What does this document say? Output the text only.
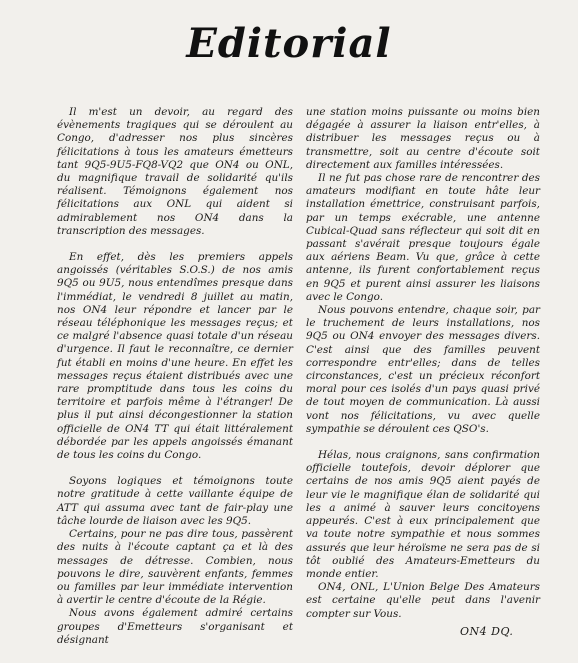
Editorial

Il m'est un devoir, au regard des évènements tragiques qui se déroulent au Congo, d'adresser nos plus sincères félicitations à tous les amateurs émetteurs tant 9Q5-9U5-FQ8-VQ2 que ON4 ou ONL, du magnifique travail de solidarité qu'ils réalisent. Témoignons également nos félicitations aux ONL qui aident si admirablement nos ON4 dans la transcription des messages.

En effet, dès les premiers appels angoissés (véritables S.O.S.) de nos amis 9Q5 ou 9U5, nous entendîmes presque dans l'immédiat, le vendredi 8 juillet au matin, nos ON4 leur répondre et lancer par le réseau téléphonique les messages reçus; et ce malgré l'absence quasi totale d'un réseau d'urgence. Il faut le reconnaître, ce dernier fut établi en moins d'une heure. En effet les messages reçus étaient distribués avec une rare promptitude dans tous les coins du territoire et parfois même à l'étranger! De plus il put ainsi décongestionner la station officielle de ON4 TT qui était littéralement débordée par les appels angoissés émanant de tous les coins du Congo.

Soyons logiques et témoignons toute notre gratitude à cette vaillante équipe de ATT qui assuma avec tant de fair-play une tâche lourde de liaison avec les 9Q5.

Certains, pour ne pas dire tous, passèrent des nuits à l'écoute captant ça et là des messages de détresse. Combien, nous pouvons le dire, sauvèrent enfants, femmes ou familles par leur immédiate intervention à avertir le centre d'écoute de la Régie.

Nous avons également admiré certains groupes d'Emetteurs s'organisant et désignant

une station moins puissante ou moins bien dégagée à assurer la liaison entr'elles, à distribuer les messages reçus ou à transmettre, soit au centre d'écoute soit directement aux familles intéressées.

Il ne fut pas chose rare de rencontrer des amateurs modifiant en toute hâte leur installation émettrice, construisant parfois, par un temps exécrable, une antenne Cubical-Quad sans réflecteur qui soit dit en passant s'avérait presque toujours égale aux aériens Beam. Vu que, grâce à cette antenne, ils furent confortablement reçus en 9Q5 et purent ainsi assurer les liaisons avec le Congo.

Nous pouvons entendre, chaque soir, par le truchement de leurs installations, nos 9Q5 ou ON4 envoyer des messages divers. C'est ainsi que des familles peuvent correspondre entr'elles; dans de telles circonstances, c'est un précieux réconfort moral pour ces isolés d'un pays quasi privé de tout moyen de communication. Là aussi vont nos félicitations, vu avec quelle sympathie se déroulent ces QSO's.

Hélas, nous craignons, sans confirmation officielle toutefois, devoir déplorer que certains de nos amis 9Q5 aient payés de leur vie le magnifique élan de solidarité qui les a animé à sauver leurs concitoyens appeurés. C'est à eux principalement que va toute notre sympathie et nous sommes assurés que leur héroïsme ne sera pas de si tôt oublié des Amateurs-Emetteurs du monde entier.

ON4, ONL, L'Union Belge Des Amateurs est certaine qu'elle peut dans l'avenir compter sur Vous.

ON4 DQ.
